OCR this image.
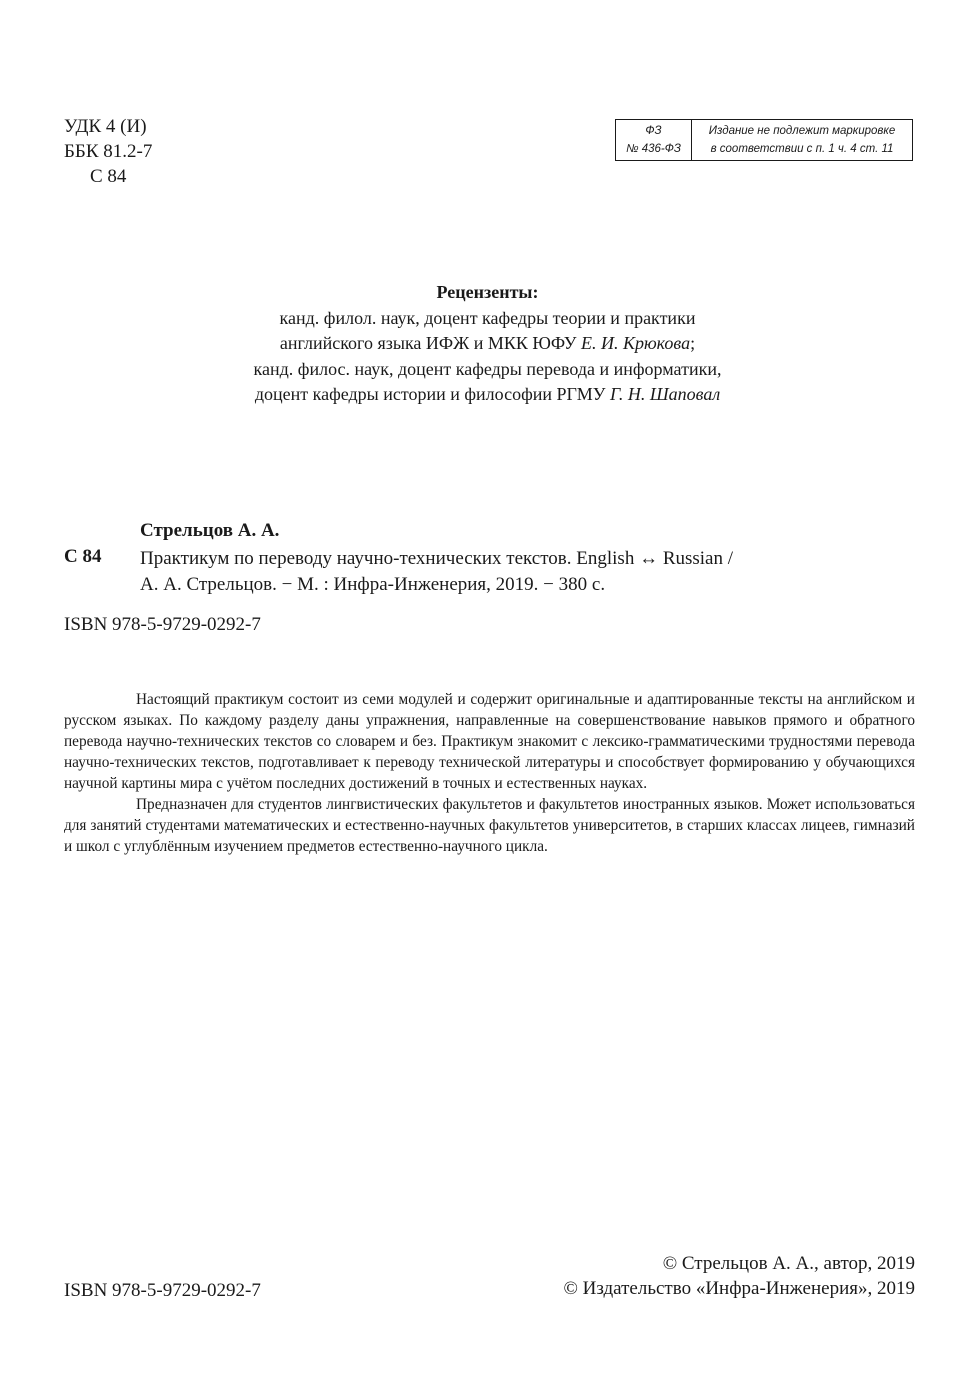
УДК 4 (И)
ББК 81.2-7
С 84
ФЗ
№ 436-ФЗ
Издание не подлежит маркировке
в соответствии с п. 1 ч. 4 ст. 11
Рецензенты:
канд. филол. наук, доцент кафедры теории и практики
английского языка ИФЖ и МКК ЮФУ Е. И. Крюкова;
канд. филос. наук, доцент кафедры перевода и информатики,
доцент кафедры истории и философии РГМУ Г. Н. Шаповал
Стрельцов А. А.
С 84 Практикум по переводу научно-технических текстов. English ↔ Russian /
А. А. Стрельцов. − М. : Инфра-Инженерия, 2019. − 380 с.
ISBN 978-5-9729-0292-7

Настоящий практикум состоит из семи модулей и содержит оригинальные и адаптированные тексты на английском и русском языках. По каждому разделу даны упражнения, направленные на совершенствование навыков прямого и обратного перевода научно-технических текстов со словарем и без. Практикум знакомит с лексико-грамматическими трудностями перевода научно-технических текстов, подготавливает к переводу технической литературы и способствует формированию у обучающихся научной картины мира с учётом последних достижений в точных и естественных науках.

Предназначен для студентов лингвистических факультетов и факультетов иностранных языков. Может использоваться для занятий студентами математических и естественно-научных факультетов университетов, в старших классах лицеев, гимназий и школ с углублённым изучением предметов естественно-научного цикла.

ISBN 978-5-9729-0292-7
© Стрельцов А. А., автор, 2019
© Издательство «Инфра-Инженерия», 2019
